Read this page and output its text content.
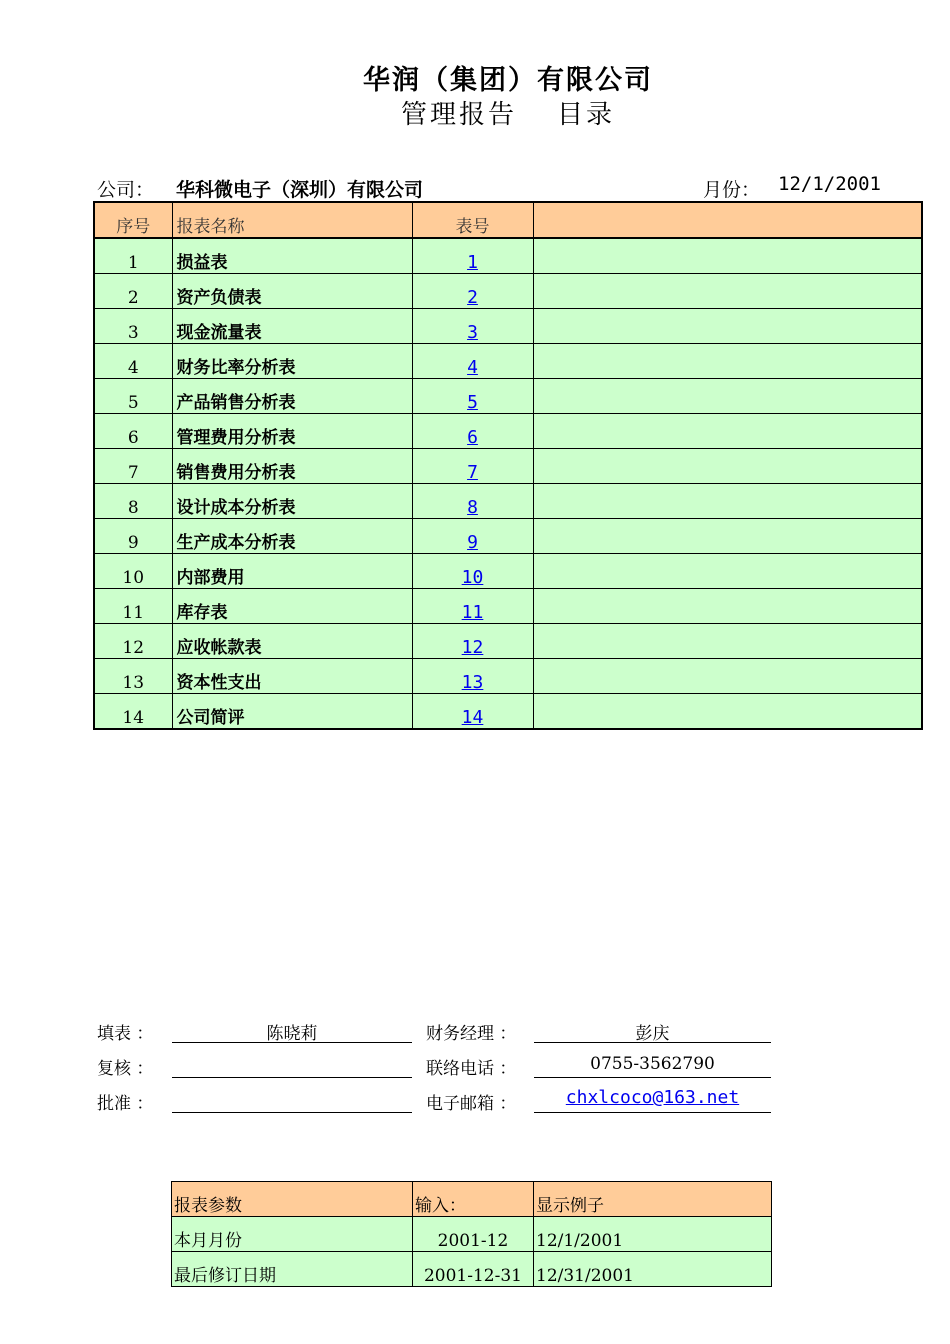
华润（集团）有限公司
管理报告 目录
公司： 华科微电子（深圳）有限公司	月份： 12/1/2001
序号	报表名称	表号	
1	损益表	1	
2	资产负债表	2	
3	现金流量表	3	
4	财务比率分析表	4	
5	产品销售分析表	5	
6	管理费用分析表	6	
7	销售费用分析表	7	
8	设计成本分析表	8	
9	生产成本分析表	9	
10	内部费用	10	
11	库存表	11	
12	应收帐款表	12	
13	资本性支出	13	
14	公司简评	14	
填表 ：	陈晓莉
复核 ：
批准 ：
财务经理 ：	彭庆
联络电话 ：	0755-3562790
电子邮箱 ：	chxlcoco@163.net
报表参数	输入：	显示例子
本月月份	2001-12	12/1/2001
最后修订日期	2001-12-31	12/31/2001
